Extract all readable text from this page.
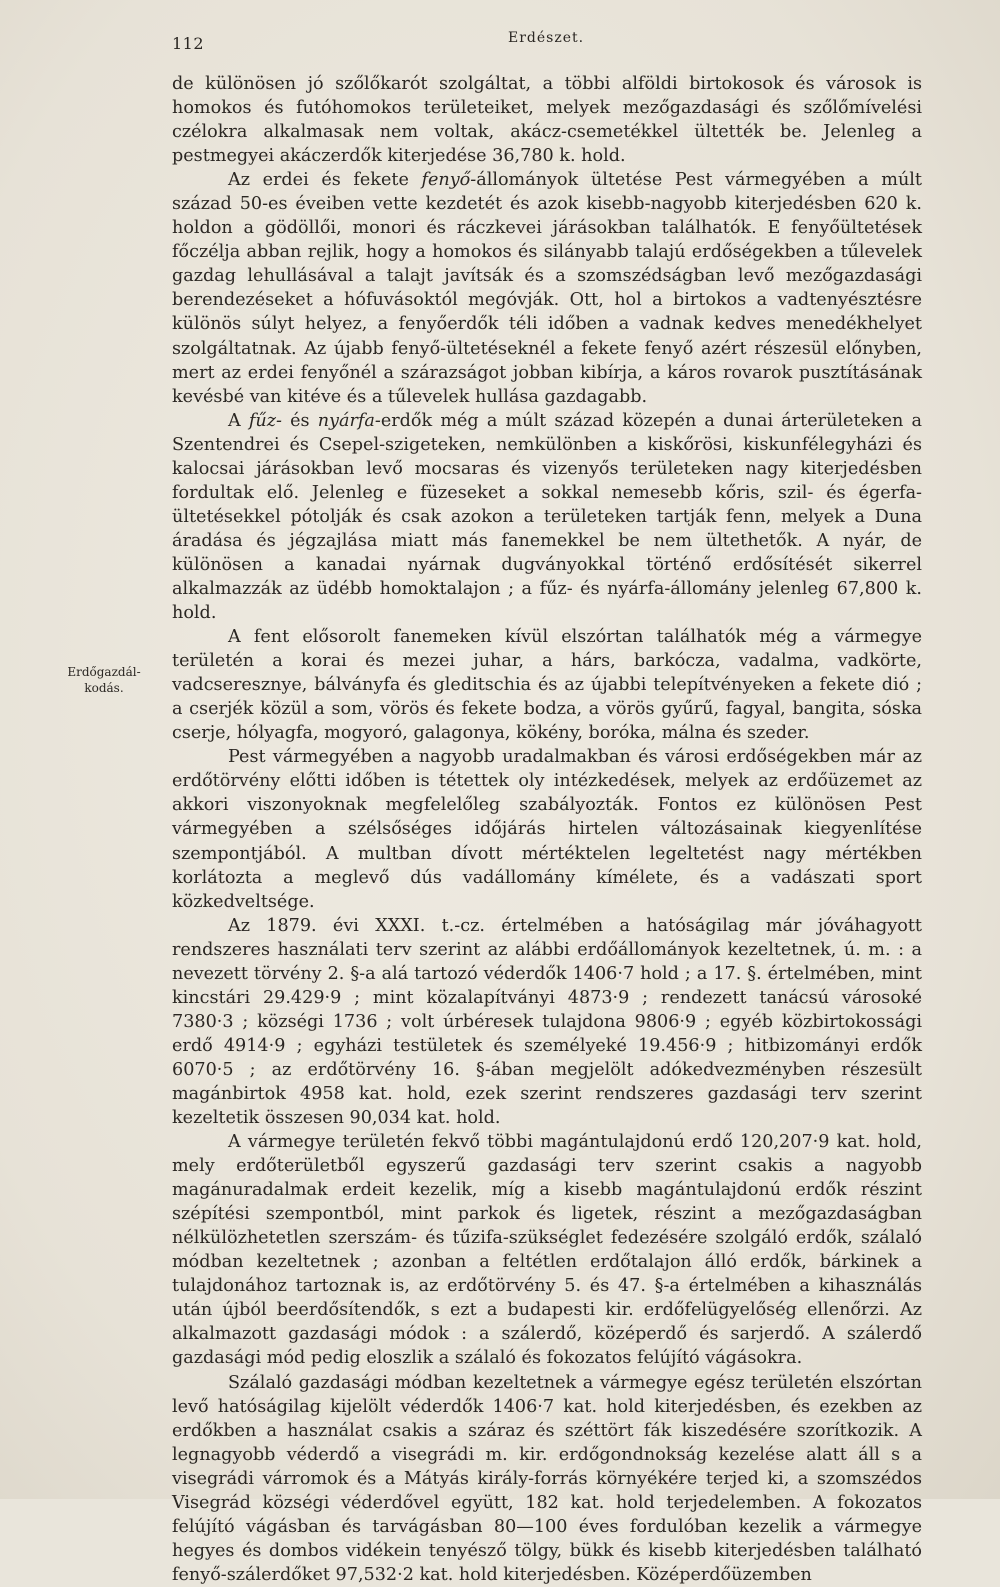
112	Erdészet.
Erdőgazdál-
kodás.

de különösen jó szőlőkarót szolgáltat, a többi alföldi birtokosok és városok is homokos és futóhomokos területeiket, melyek mezőgazdasági és szőlőmívelési czélokra alkalmasak nem voltak, akácz-csemetékkel ültették be. Jelenleg a pestmegyei akáczerdők kiterjedése 36,780 k. hold.

Az erdei és fekete fenyő-állományok ültetése Pest vármegyében a múlt század 50-es éveiben vette kezdetét és azok kisebb-nagyobb kiterjedésben 620 k. holdon a gödöllői, monori és ráczkevei járásokban találhatók. E fenyőültetések főczélja abban rejlik, hogy a homokos és silányabb talajú erdőségekben a tűlevelek gazdag lehullásával a talajt javítsák és a szomszédságban levő mezőgazdasági berendezéseket a hófuvásoktól megóvják. Ott, hol a birtokos a vadtenyésztésre különös súlyt helyez, a fenyőerdők téli időben a vadnak kedves menedékhelyet szolgáltatnak. Az újabb fenyő-ültetéseknél a fekete fenyő azért részesül előnyben, mert az erdei fenyőnél a szárazságot jobban kibírja, a káros rovarok pusztításának kevésbé van kitéve és a tűlevelek hullása gazdagabb.

A fűz- és nyárfa-erdők még a múlt század közepén a dunai árterületeken a Szentendrei és Csepel-szigeteken, nemkülönben a kiskőrösi, kiskunfélegyházi és kalocsai járásokban levő mocsaras és vizenyős területeken nagy kiterjedésben fordultak elő. Jelenleg e füzeseket a sokkal nemesebb kőris, szil- és égerfa-ültetésekkel pótolják és csak azokon a területeken tartják fenn, melyek a Duna áradása és jégzajlása miatt más fanemekkel be nem ültethetők. A nyár, de különösen a kanadai nyárnak dugványokkal történő erdősítését sikerrel alkalmazzák az üdébb homoktalajon ; a fűz- és nyárfa-állomány jelenleg 67,800 k. hold.

A fent elősorolt fanemeken kívül elszórtan találhatók még a vármegye területén a korai és mezei juhar, a hárs, barkócza, vadalma, vadkörte, vadcseresznye, bálványfa és gleditschia és az újabbi telepítvényeken a fekete dió ; a cserjék közül a som, vörös és fekete bodza, a vörös gyűrű, fagyal, bangita, sóska cserje, hólyagfa, mogyoró, galagonya, kökény, boróka, málna és szeder.

Pest vármegyében a nagyobb uradalmakban és városi erdőségekben már az erdőtörvény előtti időben is tétettek oly intézkedések, melyek az erdőüzemet az akkori viszonyoknak megfelelőleg szabályozták. Fontos ez különösen Pest vármegyében a szélsőséges időjárás hirtelen változásainak kiegyenlítése szempontjából. A multban dívott mértéktelen legeltetést nagy mértékben korlátozta a meglevő dús vadállomány kímélete, és a vadászati sport közkedveltsége.

Az 1879. évi XXXI. t.-cz. értelmében a hatóságilag már jóváhagyott rendszeres használati terv szerint az alábbi erdőállományok kezeltetnek, ú. m. : a nevezett törvény 2. §-a alá tartozó véderdők 1406·7 hold ; a 17. §. értelmében, mint kincstári 29.429·9 ; mint közalapítványi 4873·9 ; rendezett tanácsú városoké 7380·3 ; községi 1736 ; volt úrbéresek tulajdona 9806·9 ; egyéb közbirtokossági erdő 4914·9 ; egyházi testületek és személyeké 19.456·9 ; hitbizományi erdők 6070·5 ; az erdőtörvény 16. §-ában megjelölt adókedvezményben részesült magánbirtok 4958 kat. hold, ezek szerint rendszeres gazdasági terv szerint kezeltetik összesen 90,034 kat. hold.

A vármegye területén fekvő többi magántulajdonú erdő 120,207·9 kat. hold, mely erdőterületből egyszerű gazdasági terv szerint csakis a nagyobb magánuradalmak erdeit kezelik, míg a kisebb magántulajdonú erdők részint szépítési szempontból, mint parkok és ligetek, részint a mezőgazdaságban nélkülözhetetlen szerszám- és tűzifa-szükséglet fedezésére szolgáló erdők, szálaló módban kezeltetnek ; azonban a feltétlen erdőtalajon álló erdők, bárkinek a tulajdonához tartoznak is, az erdőtörvény 5. és 47. §-a értelmében a kihasználás után újból beerdősítendők, s ezt a budapesti kir. erdőfelügyelőség ellenőrzi. Az alkalmazott gazdasági módok : a szálerdő, középerdő és sarjerdő. A szálerdő gazdasági mód pedig eloszlik a szálaló és fokozatos felújító vágásokra.

Szálaló gazdasági módban kezeltetnek a vármegye egész területén elszórtan levő hatóságilag kijelölt véderdők 1406·7 kat. hold kiterjedésben, és ezekben az erdőkben a használat csakis a száraz és széttört fák kiszedésére szorítkozik. A legnagyobb véderdő a visegrádi m. kir. erdőgondnokság kezelése alatt áll s a visegrádi várromok és a Mátyás király-forrás környékére terjed ki, a szomszédos Visegrád községi véderdővel együtt, 182 kat. hold terjedelemben. A fokozatos felújító vágásban és tarvágásban 80—100 éves fordulóban kezelik a vármegye hegyes és dombos vidékein tenyésző tölgy, bükk és kisebb kiterjedésben található fenyő-szálerdőket 97,532·2 kat. hold kiterjedésben. Középerdőüzemben
